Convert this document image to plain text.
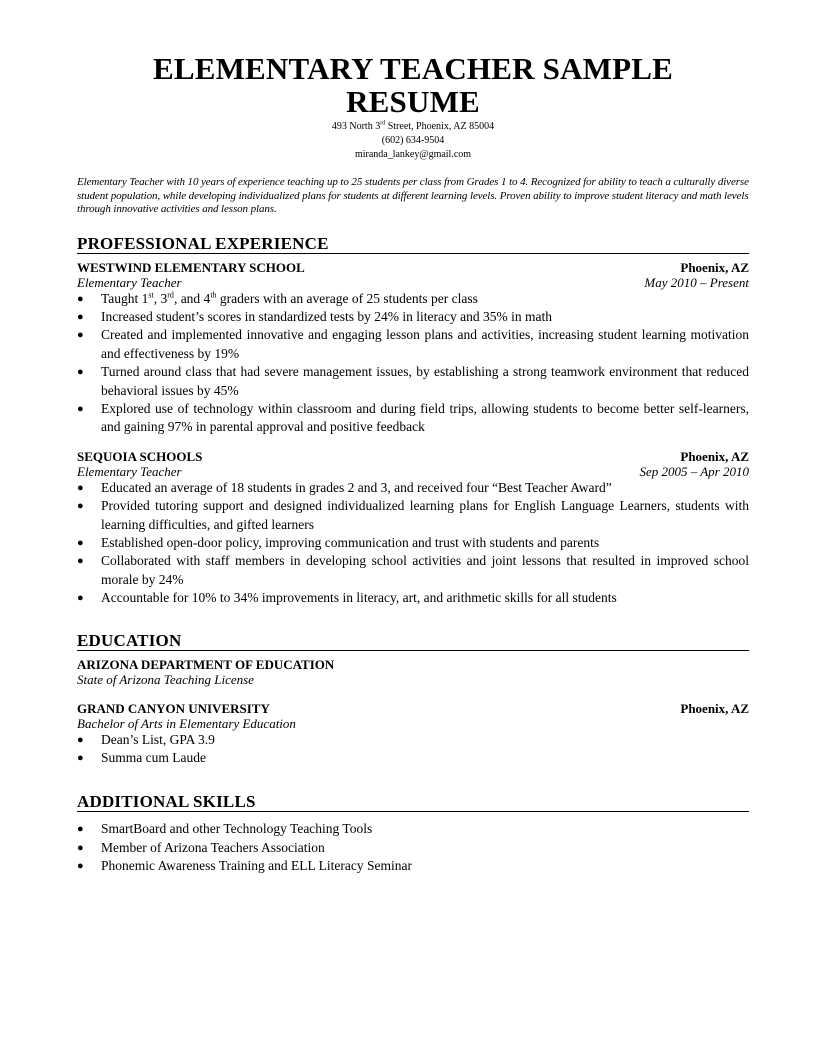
ELEMENTARY TEACHER SAMPLE
RESUME
493 North 3rd Street, Phoenix, AZ 85004
(602) 634-9504
miranda_lankey@gmail.com
Elementary Teacher with 10 years of experience teaching up to 25 students per class from Grades 1 to 4. Recognized for ability to teach a culturally diverse student population, while developing individualized plans for students at different learning levels. Proven ability to improve student literacy and math levels through innovative activities and lesson plans.
PROFESSIONAL EXPERIENCE
WESTWIND ELEMENTARY SCHOOL	Phoenix, AZ
Elementary Teacher	May 2010 – Present
● Taught 1st, 3rd, and 4th graders with an average of 25 students per class
● Increased student’s scores in standardized tests by 24% in literacy and 35% in math
● Created and implemented innovative and engaging lesson plans and activities, increasing student learning motivation and effectiveness by 19%
● Turned around class that had severe management issues, by establishing a strong teamwork environment that reduced behavioral issues by 45%
● Explored use of technology within classroom and during field trips, allowing students to become better self-learners, and gaining 97% in parental approval and positive feedback
SEQUOIA SCHOOLS	Phoenix, AZ
Elementary Teacher	Sep 2005 – Apr 2010
● Educated an average of 18 students in grades 2 and 3, and received four “Best Teacher Award”
● Provided tutoring support and designed individualized learning plans for English Language Learners, students with learning difficulties, and gifted learners
● Established open-door policy, improving communication and trust with students and parents
● Collaborated with staff members in developing school activities and joint lessons that resulted in improved school morale by 24%
● Accountable for 10% to 34% improvements in literacy, art, and arithmetic skills for all students
EDUCATION
ARIZONA DEPARTMENT OF EDUCATION
State of Arizona Teaching License
GRAND CANYON UNIVERSITY	Phoenix, AZ
Bachelor of Arts in Elementary Education
● Dean’s List, GPA 3.9
● Summa cum Laude
ADDITIONAL SKILLS
● SmartBoard and other Technology Teaching Tools
● Member of Arizona Teachers Association
● Phonemic Awareness Training and ELL Literacy Seminar
